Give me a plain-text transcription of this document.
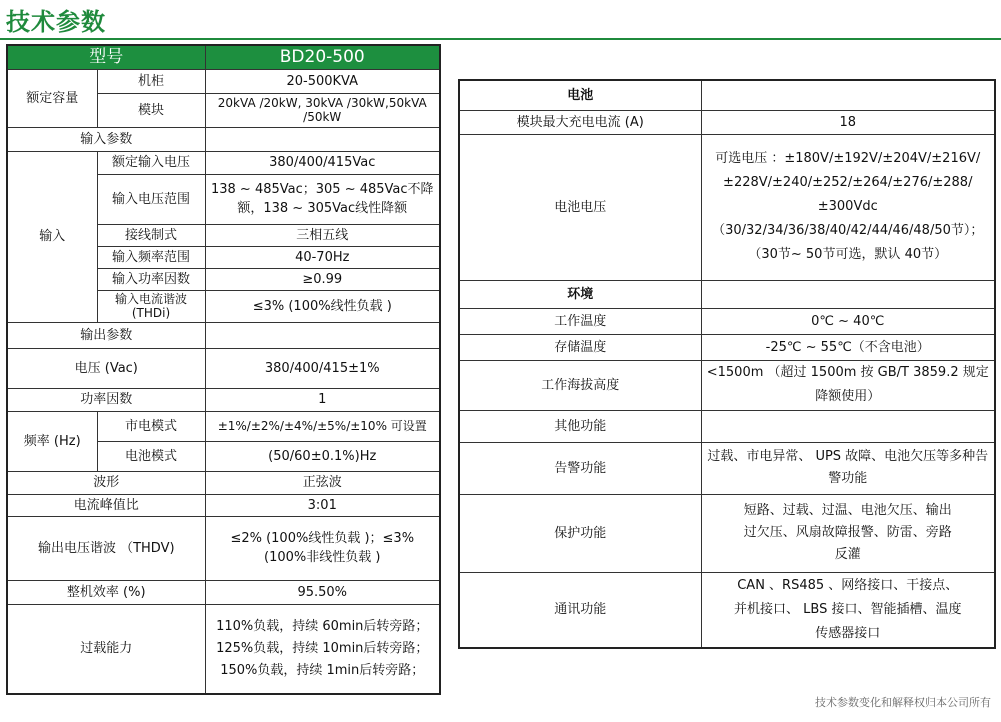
技术参数
型号		BD20-500
额定容量	机柜	20-500KVA
	模块	20kVA /20kW, 30kVA /30kW,50kVA /50kW
输入参数		
输入	额定输入电压	380/400/415Vac
	输入电压范围	138 ~ 485Vac；305 ~ 485Vac不降额，138 ~ 305Vac线性降额
	接线制式	三相五线
	输入频率范围	40-70Hz
	输入功率因数	≥0.99
	输入电流谐波 (THDi)	≤3% (100%线性负载 )
输出参数		
电压 (Vac)		380/400/415±1%
功率因数		1
频率 (Hz)	市电模式	±1%/±2%/±4%/±5%/±10% 可设置
	电池模式	(50/60±0.1%)Hz
波形		正弦波
电流峰值比		3:01
输出电压谐波 （THDV)		≤2% (100%线性负载 )；≤3% (100%非线性负载 )
整机效率 (%)		95.50%
过载能力		110%负载，持续 60min后转旁路；
125%负载，持续 10min后转旁路；
150%负载，持续 1min后转旁路；
电池	
模块最大充电电流 (A)	18
电池电压	可选电压 ：±180V/±192V/±204V/±216V/±228V/±240/±252/±264/±276/±288/±300Vdc
（30/32/34/36/38/40/42/44/46/48/50节）；（30节~ 50节可选，默认 40节）

环境	
工作温度	0℃ ~ 40℃
存储温度	-25℃ ~ 55℃（不含电池）
工作海拔高度	<1500m （超过 1500m 按 GB/T 3859.2 规定降额使用）
其他功能	
告警功能	过载、市电异常、 UPS 故障、电池欠压等多种告警功能
保护功能	短路、过载、过温、电池欠压、输出过欠压、风扇故障报警、防雷、旁路反灌
通讯功能	CAN 、RS485 、网络接口、干接点、并机接口、 LBS 接口、智能插槽、温度传感器接口
技术参数变化和解释权归本公司所有
